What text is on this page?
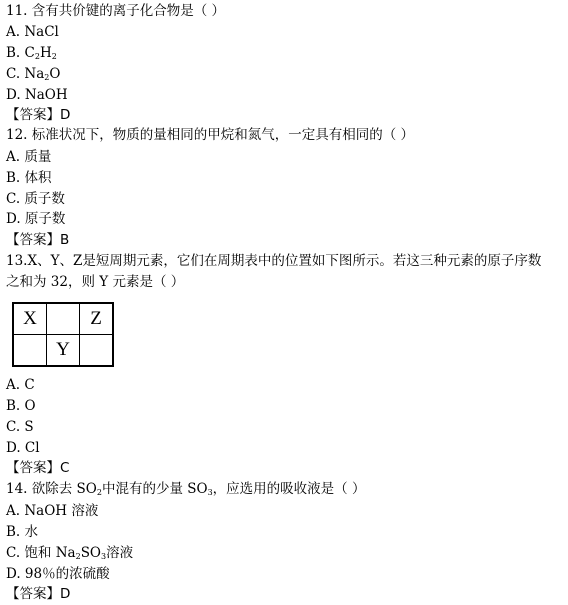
11. 含有共价键的离子化合物是（ ）
A. NaCl
B. $C_2H_2$
C. $Na_2O$
D. NaOH
【答案】D
12. 标准状况下，物质的量相同的甲烷和氮气，一定具有相同的（ ）
A. 质量
B. 体积
C. 质子数
D. 原子数
【答案】B
13.X、Y、Z是短周期元素，它们在周期表中的位置如下图所示。若这三种元素的原子序数
之和为 32，则 Y 元素是（ ）
X		Z
	Y	
A. C
B. O
C. S
D. Cl
【答案】C
14. 欲除去 $SO_2$中混有的少量 $SO_3$，应选用的吸收液是（ ）
A. NaOH 溶液
B. 水
C. 饱和 $Na_2SO_3$溶液
D. 98％的浓硫酸
【答案】D
